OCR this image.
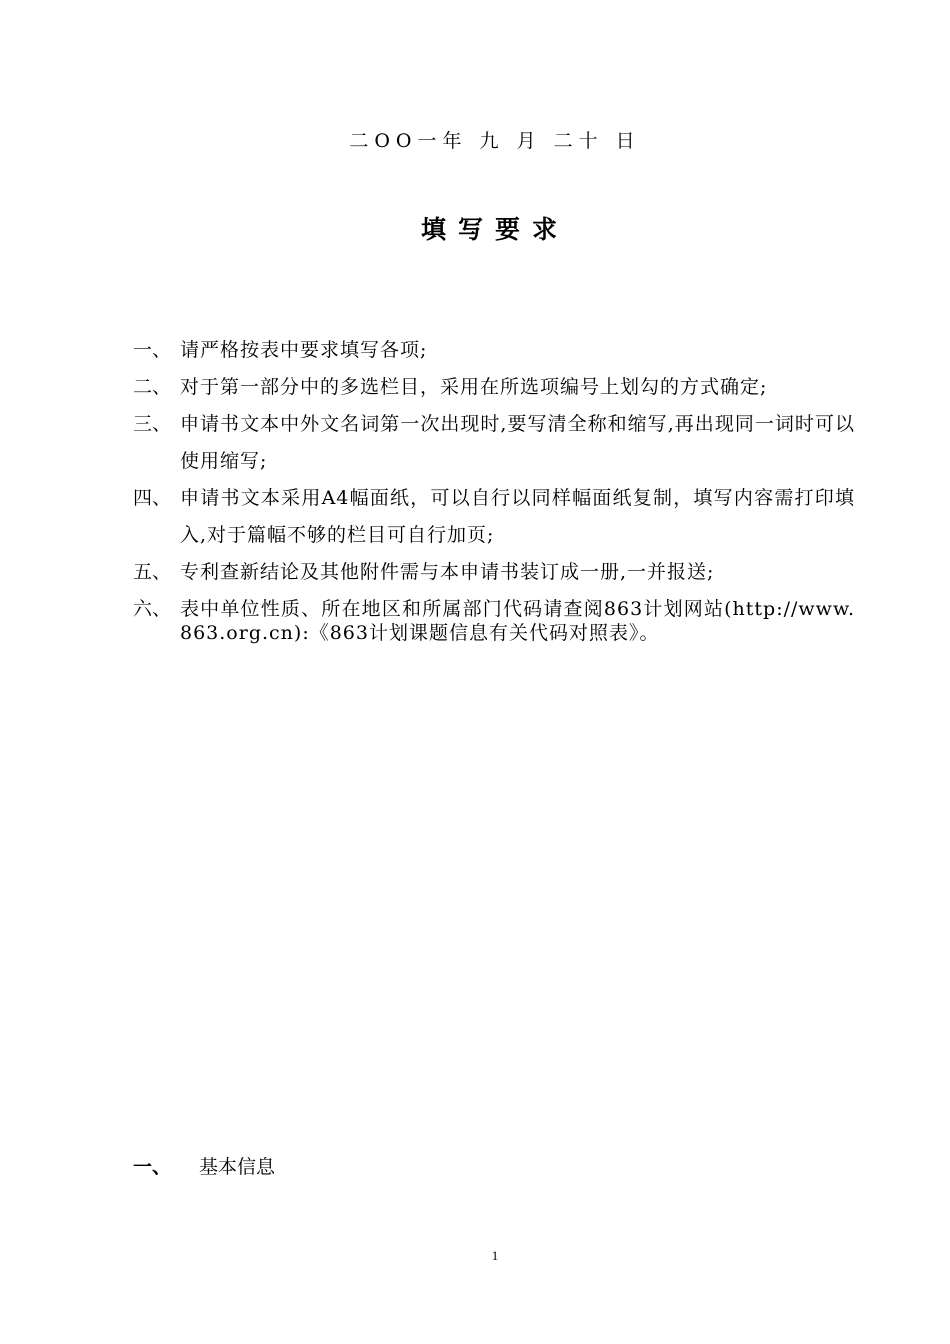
二OO一年 九 月 二十 日
填写要求
一、 请严格按表中要求填写各项;
二、 对于第一部分中的多选栏目，采用在所选项编号上划勾的方式确定;
三、 申请书文本中外文名词第一次出现时,要写清全称和缩写,再出现同一词时可以使用缩写;
四、 申请书文本采用A4幅面纸，可以自行以同样幅面纸复制，填写内容需打印填入,对于篇幅不够的栏目可自行加页;
五、 专利查新结论及其他附件需与本申请书装订成一册,一并报送;
六、 表中单位性质、所在地区和所属部门代码请查阅863计划网站(http://www.863.org.cn):《863计划课题信息有关代码对照表》。
一、	基本信息
1
